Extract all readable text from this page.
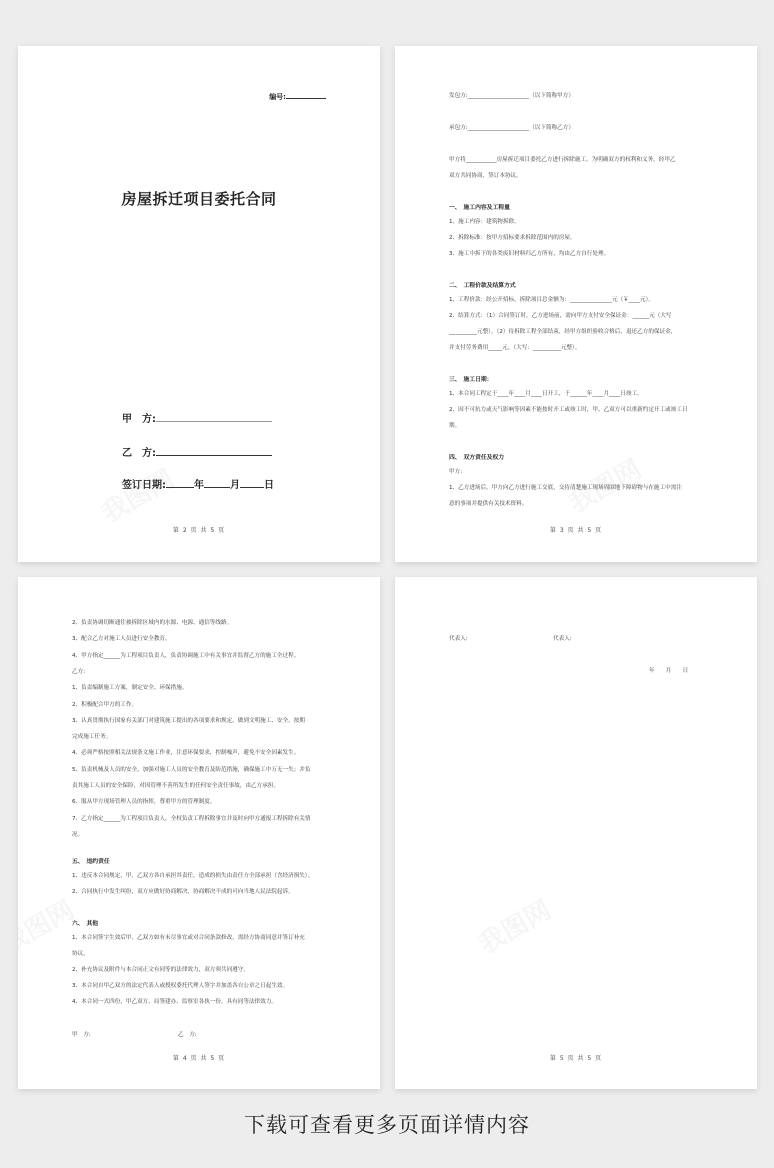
编号:
房屋拆迁项目委托合同
甲　方:
乙　方:
签订日期:	年	月 日
第 2 页 共 5 页
发包方:______________________（以下简称甲方）
承包方:______________________（以下简称乙方）
甲方将___________房屋拆迁项目委托乙方进行拆除施工。为明确双方的权利和义务，经甲乙
双方共同协商，签订本协议。
一、　施工内容及工程量
1、施工内容：建筑物拆除。
2、拆除标准：按甲方招标要求拆除范围内的房屋。
3、施工中拆下的各类废旧材料归乙方所有，均由乙方自行处理。
二、　工程价款及结算方式
1、工程价款：经公开招标，拆除项目总金额为：_______________元（￥____元）。
2、结算方式：（1）合同签订时，乙方进场前，需向甲方支付安全保证金：______元（大写
__________元整）。（2）待拆除工程全部结束，经甲方组织验收合格后，退还乙方的保证金，
并支付劳务费用_____元。（大写：__________元整）。
三、　施工日期：
1、本合同工程定于____年____月____日开工，于______年____月____日竣工。
2、因不可抗力或天气影响等因素不能按时开工或竣工时，甲、乙双方可以重新约定开工或竣工日
期。
四、　双方责任及权力
甲方:
1、乙方进场后，甲方向乙方进行施工交底，交待清楚施工现场周围地下障碍物与在施工中需注
意的事项并提供有关技术资料。
第 3 页 共 5 页
2、负责协调切断通往被拆除区域内的水源、电源、通信等线路。
3、配合乙方对施工人员进行安全教育。
4、甲方指定______为工程项目负责人，负责协调施工中有关事宜并监督乙方的施工全过程。
乙方:
1、负责编制施工方案，制定安全、环保措施。
2、积极配合甲方的工作。
3、认真贯彻执行国家有关部门对建筑施工提出的各项要求和规定，做到文明施工、安全，按期
完成施工任务。
4、必须严格按照相关法规条文施工作业，注意环保要求，控制噪声，避免不安全因素发生。
5、负责机械及人员的安全，加强对施工人员的安全教育及防范措施，确保施工中万无一失；并负
责其施工人员的安全保险，对因管理不善所发生的任何安全责任事故，由乙方承担。
6、服从甲方现场管理人员的指挥，尊重甲方的管理制度。
7、乙方指定______为工程项目负责人，全权负责工程拆除事宜并及时向甲方通报工程拆除有关情
况。
五、　违约责任
1、违反本合同规定，甲、乙双方各自承担其责任，造成的损失由责任方全部承担（含经济损失）。
2、合同执行中发生纠纷，双方应做好协商解决，协商解决不成的可向当地人民法院起诉。
六、　其他
1、本合同签字生效后甲、乙双方如有未尽事宜或对合同条款修改，需经方协商同意并签订补充
协议。
2、补充协议及附件与本合同正文有同等的法律效力，双方须共同遵守。
3、本合同自甲乙双方的法定代表人或授权委托代理人签字并加盖各自公章之日起生效。
4、本合同一式四份，甲乙双方、局签建办、监察室各执一份，具有同等法律效力。
甲　方:	乙　方:
第 4 页 共 5 页
代表人:	代表人:
年　　月　　日
第 5 页 共 5 页
下载可查看更多页面详情内容
